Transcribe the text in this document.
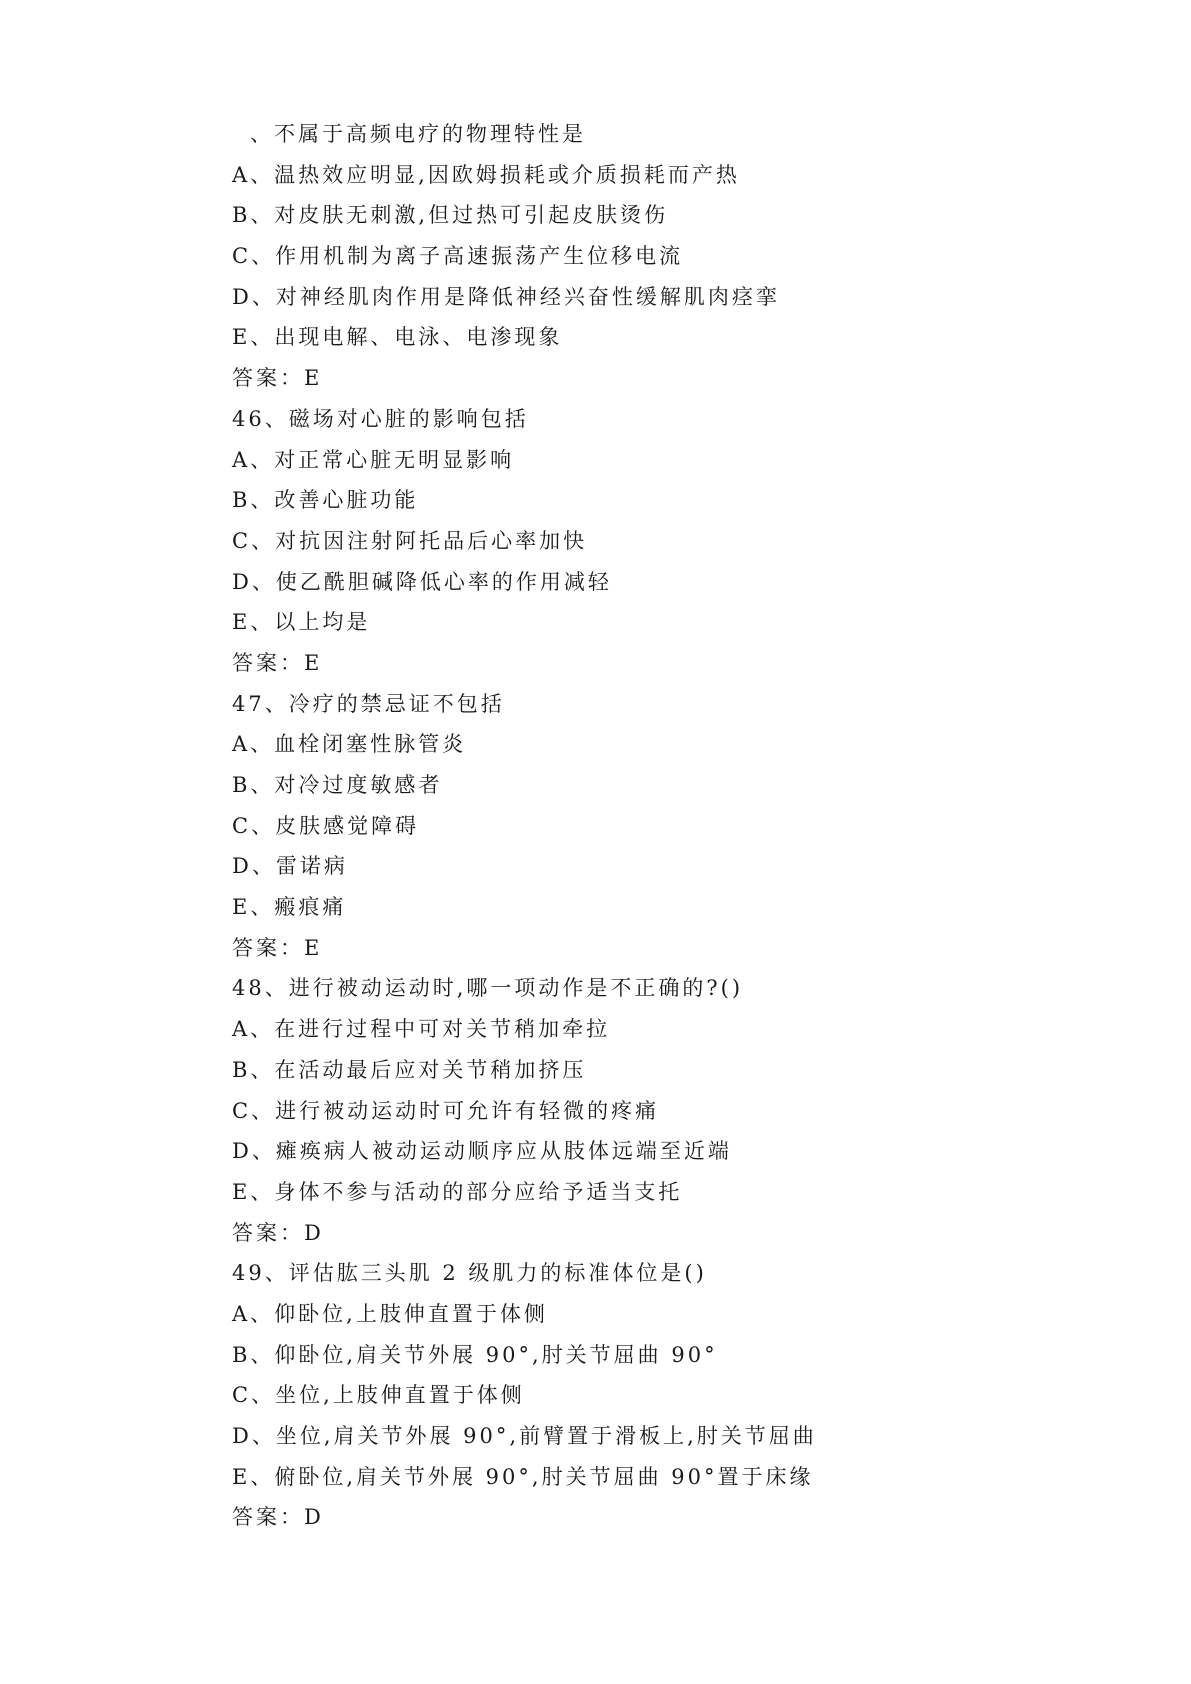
、不属于高频电疗的物理特性是
A、温热效应明显,因欧姆损耗或介质损耗而产热
B、对皮肤无刺激,但过热可引起皮肤烫伤
C、作用机制为离子高速振荡产生位移电流
D、对神经肌肉作用是降低神经兴奋性缓解肌肉痉挛
E、出现电解、电泳、电渗现象
答案：E
46、磁场对心脏的影响包括
A、对正常心脏无明显影响
B、改善心脏功能
C、对抗因注射阿托品后心率加快
D、使乙酰胆碱降低心率的作用减轻
E、以上均是
答案：E
47、冷疗的禁忌证不包括
A、血栓闭塞性脉管炎
B、对冷过度敏感者
C、皮肤感觉障碍
D、雷诺病
E、瘢痕痛
答案：E
48、进行被动运动时,哪一项动作是不正确的?()
A、在进行过程中可对关节稍加牵拉
B、在活动最后应对关节稍加挤压
C、进行被动运动时可允许有轻微的疼痛
D、瘫痪病人被动运动顺序应从肢体远端至近端
E、身体不参与活动的部分应给予适当支托
答案：D
49、评估肱三头肌 2 级肌力的标准体位是()
A、仰卧位,上肢伸直置于体侧
B、仰卧位,肩关节外展 90°,肘关节屈曲 90°
C、坐位,上肢伸直置于体侧
D、坐位,肩关节外展 90°,前臂置于滑板上,肘关节屈曲
E、俯卧位,肩关节外展 90°,肘关节屈曲 90°置于床缘
答案：D
